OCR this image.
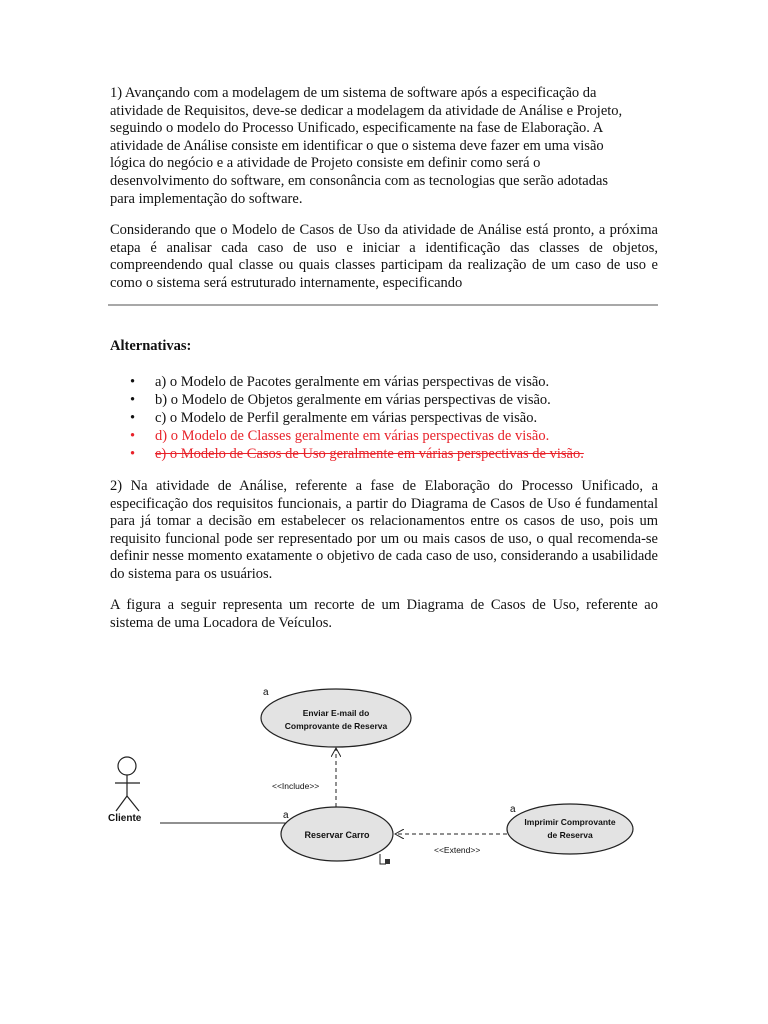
1) Avançando com a modelagem de um sistema de software após a especificação da
atividade de Requisitos, deve-se dedicar a modelagem da atividade de Análise e Projeto,
seguindo o modelo do Processo Unificado, especificamente na fase de Elaboração. A
atividade de Análise consiste em identificar o que o sistema deve fazer em uma visão
lógica do negócio e a atividade de Projeto consiste em definir como será o
desenvolvimento do software, em consonância com as tecnologias que serão adotadas
para implementação do software.

Considerando que o Modelo de Casos de Uso da atividade de Análise está pronto, a próxima etapa é analisar cada caso de uso e iniciar a identificação das classes de objetos, compreendendo qual classe ou quais classes participam da realização de um caso de uso e como o sistema será estruturado internamente, especificando

Alternativas:

• a) o Modelo de Pacotes geralmente em várias perspectivas de visão.
• b) o Modelo de Objetos geralmente em várias perspectivas de visão.
• c) o Modelo de Perfil geralmente em várias perspectivas de visão.
• d) o Modelo de Classes geralmente em várias perspectivas de visão.
• e) o Modelo de Casos de Uso geralmente em várias perspectivas de visão.

2) Na atividade de Análise, referente a fase de Elaboração do Processo Unificado, a especificação dos requisitos funcionais, a partir do Diagrama de Casos de Uso é fundamental para já tomar a decisão em estabelecer os relacionamentos entre os casos de uso, pois um requisito funcional pode ser representado por um ou mais casos de uso, o qual recomenda-se definir nesse momento exatamente o objetivo de cada caso de uso, considerando a usabilidade do sistema para os usuários.

A figura a seguir representa um recorte de um Diagrama de Casos de Uso, referente ao sistema de uma Locadora de Veículos.

Cliente	a
Enviar E-mail do
Comprovante de Reserva
a
<<Include>>
Reservar Carro
<<Extend>>
Imprimir Comprovante
de Reserva
a
